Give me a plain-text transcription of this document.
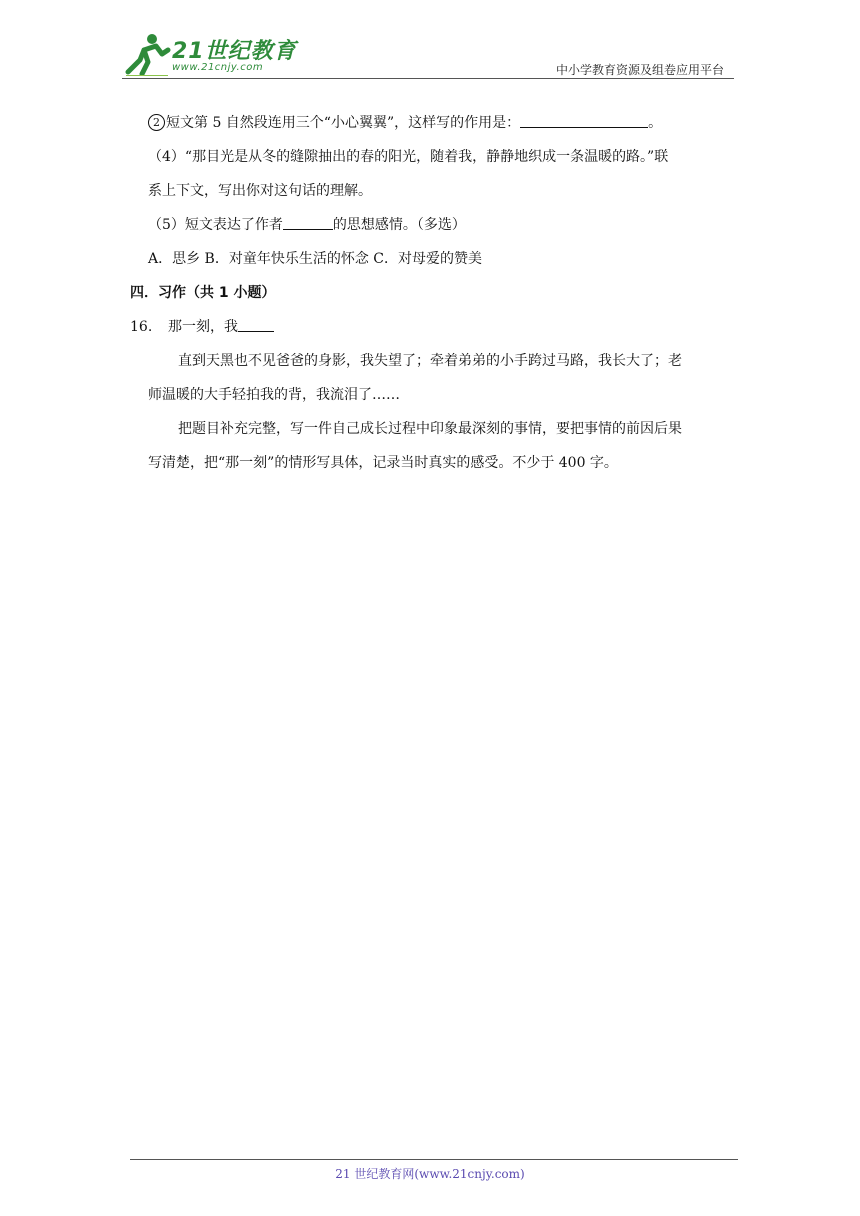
21世纪教育
www.21cnjy.com	中小学教育资源及组卷应用平台
2 短文第 5 自然段连用三个“小心翼翼”，这样写的作用是：	。
（4）“那目光是从冬的缝隙抽出的春的阳光，随着我，静静地织成一条温暖的路。”联
系上下文，写出你对这句话的理解。
（5）短文表达了作者	的思想感情。（多选）
A．思乡 B．对童年快乐生活的怀念 C．对母爱的赞美
四．习作（共 1 小题）
16. 那一刻，我
直到天黑也不见爸爸的身影，我失望了；牵着弟弟的小手跨过马路，我长大了；老
师温暖的大手轻拍我的背，我流泪了……
把题目补充完整，写一件自己成长过程中印象最深刻的事情，要把事情的前因后果
写清楚，把“那一刻”的情形写具体，记录当时真实的感受。不少于 400 字。
21 世纪教育网(www.21cnjy.com)
